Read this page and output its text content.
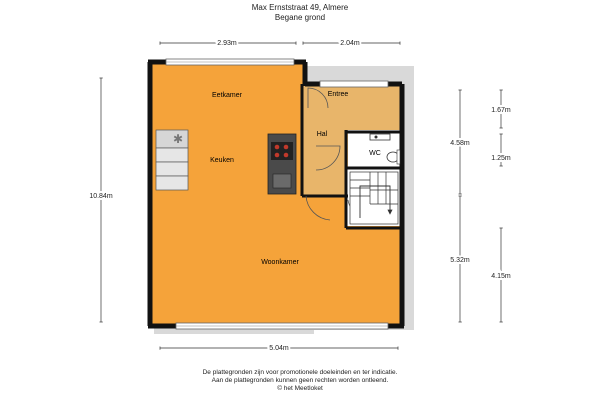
Max Ernststraat 49, Almere
Begane grond
✱
Eetkamer
Keuken
Woonkamer
Entree
Hal
WC
2.93m	2.04m
10.84m
4.58m
5.32m
1.67m
1.25m
4.15m
5.04m
De plattegronden zijn voor promotionele doeleinden en ter indicatie.
Aan de plattegronden kunnen geen rechten worden ontleend.
© het Meetloket
